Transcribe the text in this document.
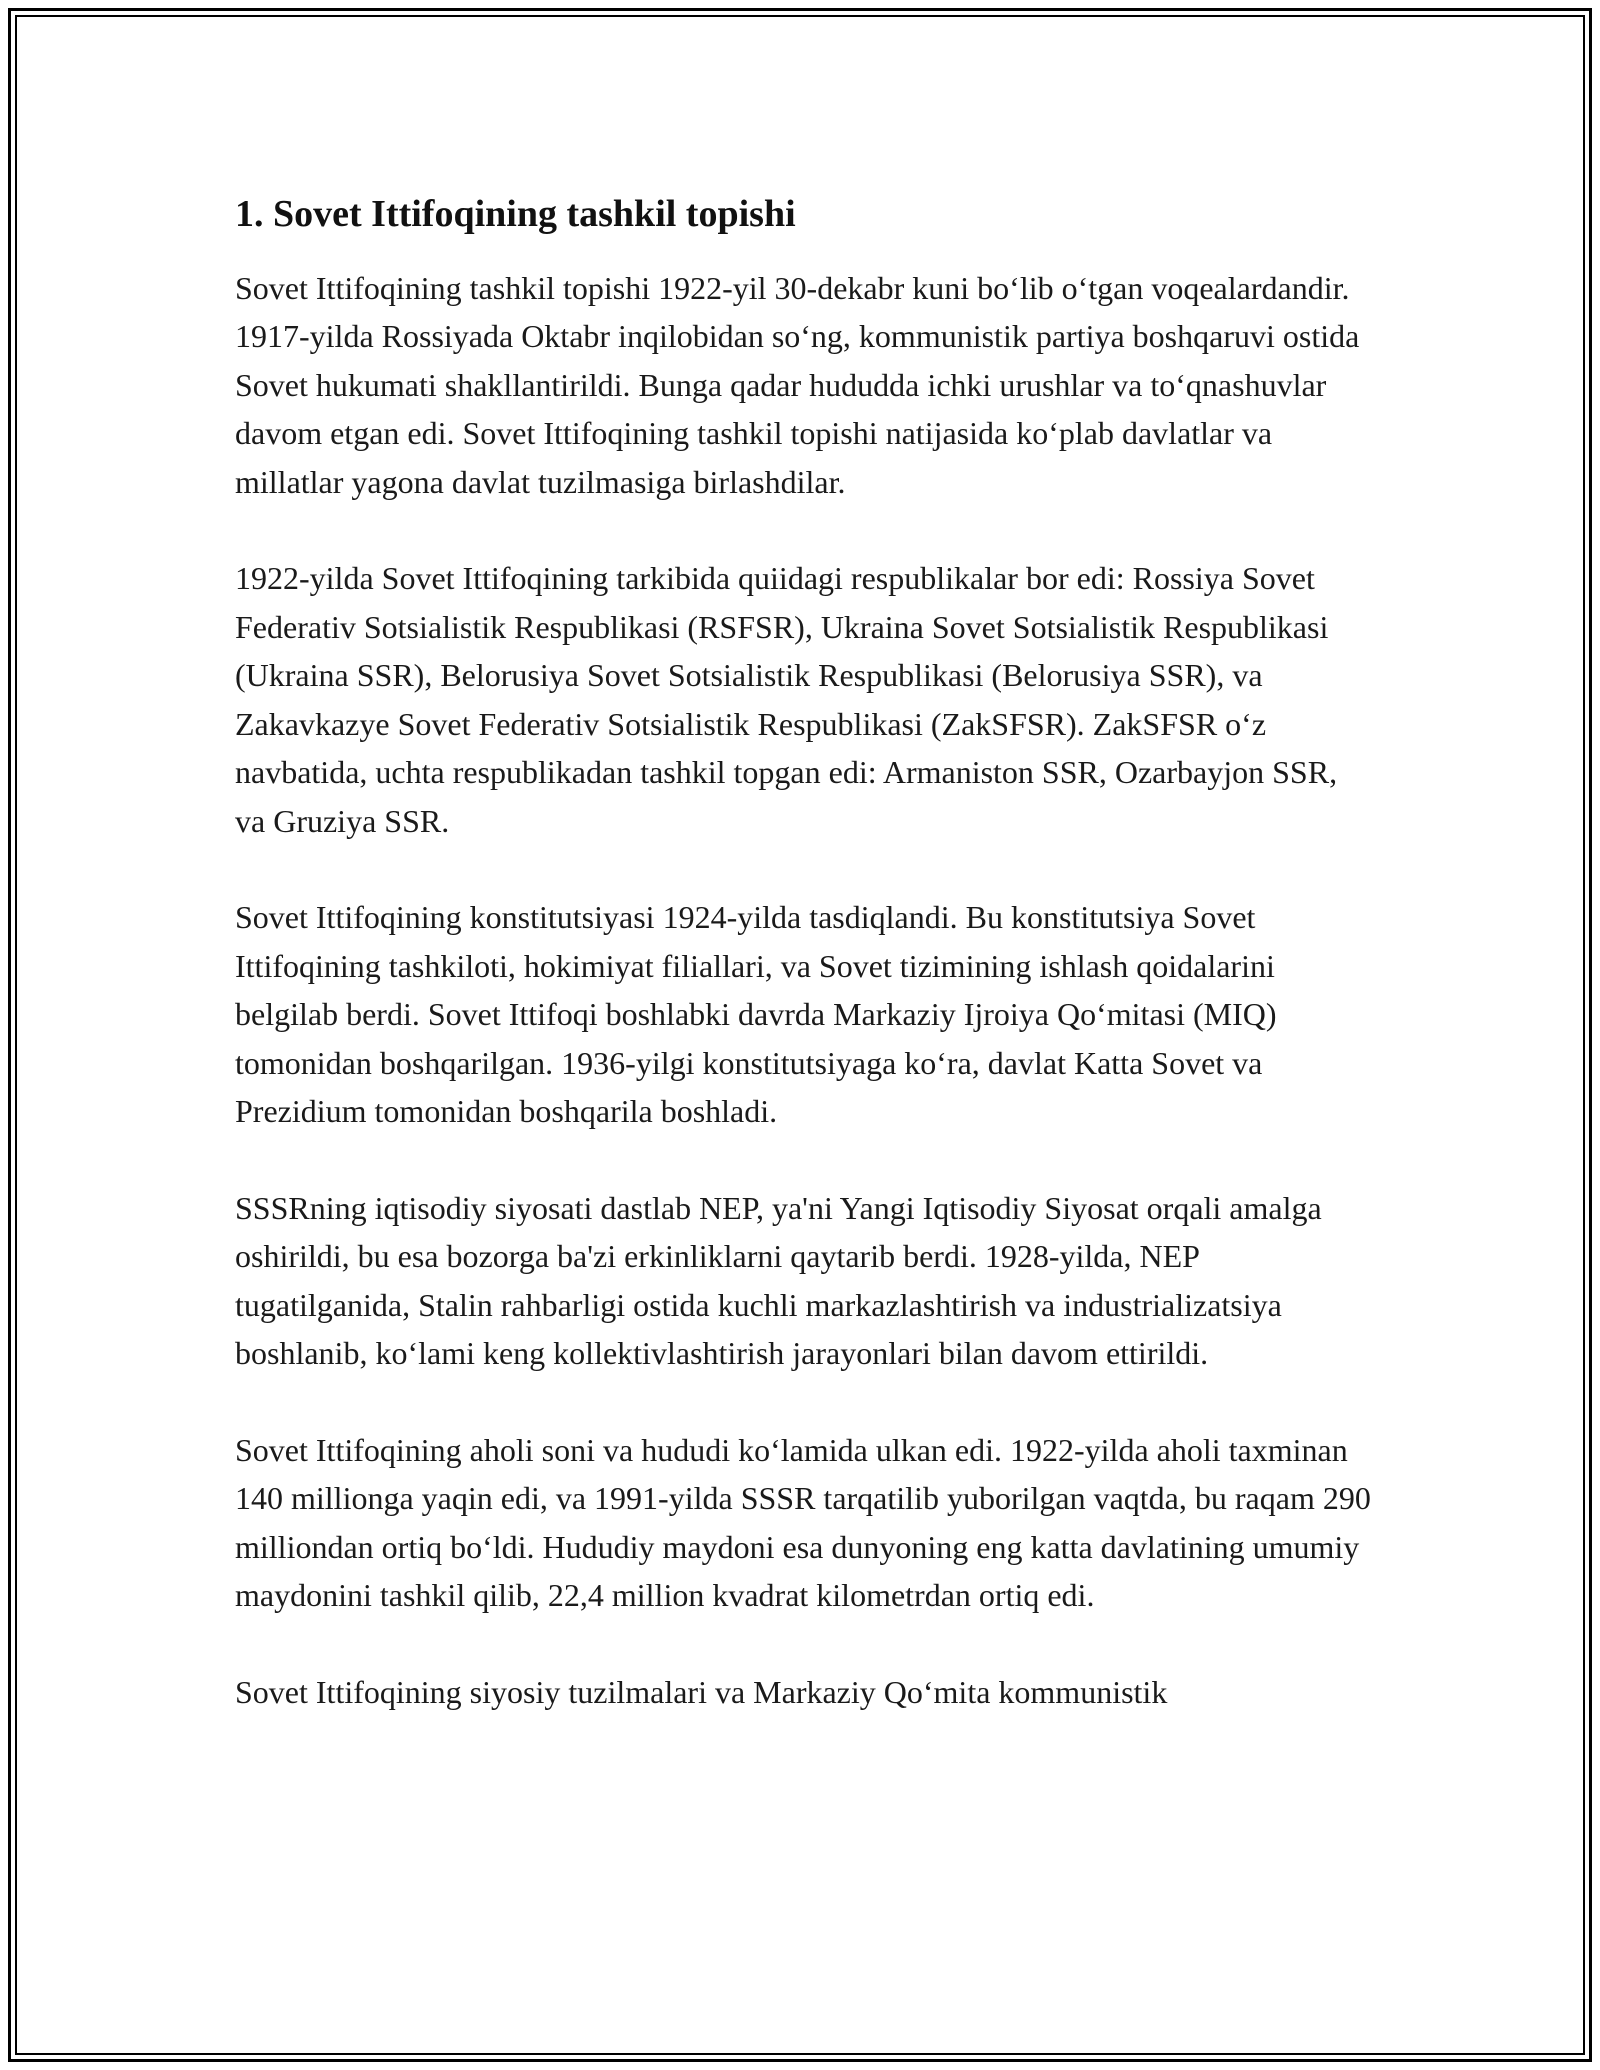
1. Sovet Ittifoqining tashkil topishi

Sovet Ittifoqining tashkil topishi 1922-yil 30-dekabr kuni bo‘lib o‘tgan voqealardandir. 1917-yilda Rossiyada Oktabr inqilobidan so‘ng, kommunistik partiya boshqaruvi ostida Sovet hukumati shakllantirildi. Bunga qadar hududda ichki urushlar va to‘qnashuvlar davom etgan edi. Sovet Ittifoqining tashkil topishi natijasida ko‘plab davlatlar va millatlar yagona davlat tuzilmasiga birlashdilar.

1922-yilda Sovet Ittifoqining tarkibida quiidagi respublikalar bor edi: Rossiya Sovet Federativ Sotsialistik Respublikasi (RSFSR), Ukraina Sovet Sotsialistik Respublikasi (Ukraina SSR), Belorusiya Sovet Sotsialistik Respublikasi (Belorusiya SSR), va Zakavkazye Sovet Federativ Sotsialistik Respublikasi (ZakSFSR). ZakSFSR o‘z navbatida, uchta respublikadan tashkil topgan edi: Armaniston SSR, Ozarbayjon SSR, va Gruziya SSR.

Sovet Ittifoqining konstitutsiyasi 1924-yilda tasdiqlandi. Bu konstitutsiya Sovet Ittifoqining tashkiloti, hokimiyat filiallari, va Sovet tizimining ishlash qoidalarini belgilab berdi. Sovet Ittifoqi boshlabki davrda Markaziy Ijroiya Qo‘mitasi (MIQ) tomonidan boshqarilgan. 1936-yilgi konstitutsiyaga ko‘ra, davlat Katta Sovet va Prezidium tomonidan boshqarila boshladi.

SSSRning iqtisodiy siyosati dastlab NEP, ya'ni Yangi Iqtisodiy Siyosat orqali amalga oshirildi, bu esa bozorga ba'zi erkinliklarni qaytarib berdi. 1928-yilda, NEP tugatilganida, Stalin rahbarligi ostida kuchli markazlashtirish va industrializatsiya boshlanib, ko‘lami keng kollektivlashtirish jarayonlari bilan davom ettirildi.

Sovet Ittifoqining aholi soni va hududi ko‘lamida ulkan edi. 1922-yilda aholi taxminan 140 millionga yaqin edi, va 1991-yilda SSSR tarqatilib yuborilgan vaqtda, bu raqam 290 milliondan ortiq bo‘ldi. Hududiy maydoni esa dunyoning eng katta davlatining umumiy maydonini tashkil qilib, 22,4 million kvadrat kilometrdan ortiq edi.

Sovet Ittifoqining siyosiy tuzilmalari va Markaziy Qo‘mita kommunistik
